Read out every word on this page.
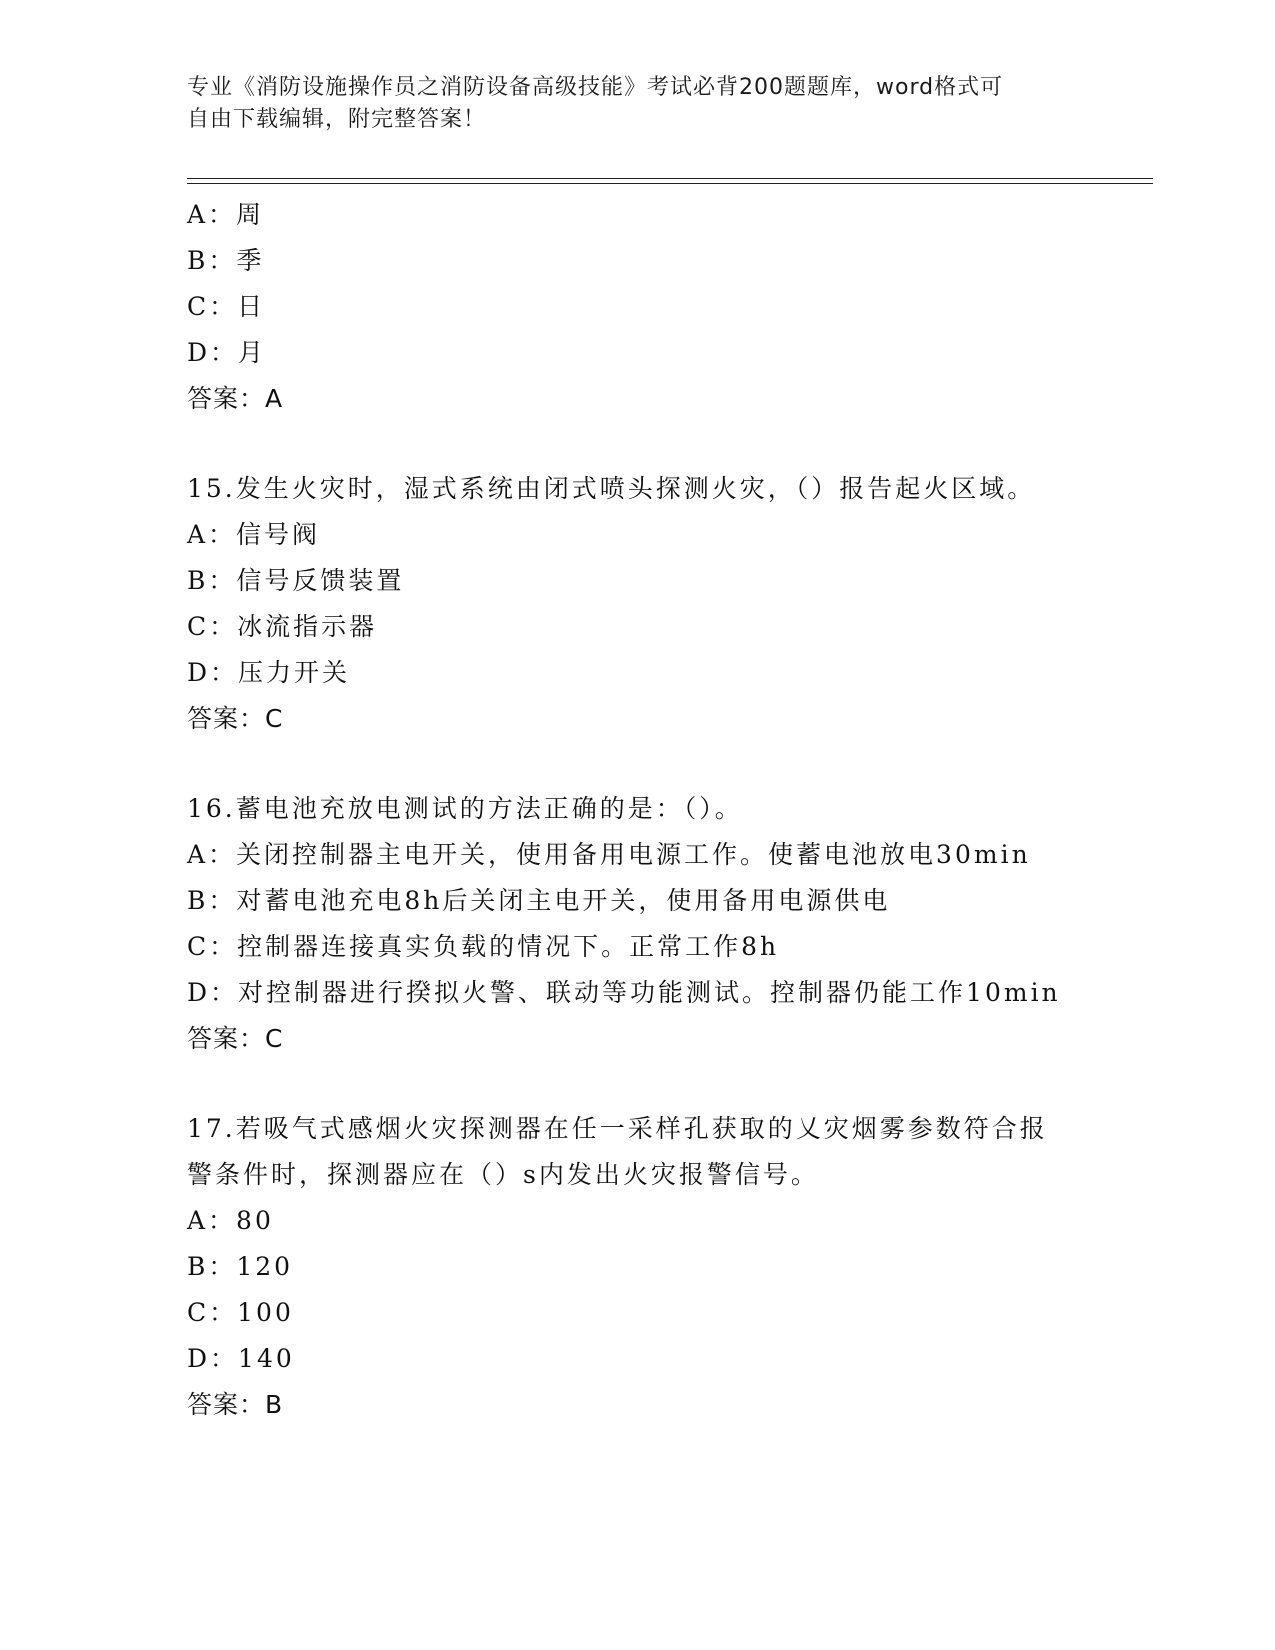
专业《消防设施操作员之消防设备高级技能》考试必背200题题库，word格式可
自由下载编辑，附完整答案！
A：周
B：季
C：日
D：月
答案：A
15.发生火灾时，湿式系统由闭式喷头探测火灾，（）报告起火区域。
A：信号阀
B：信号反馈装置
C：冰流指示器
D：压力开关
答案：C
16.蓄电池充放电测试的方法正确的是：（）。
A：关闭控制器主电开关，使用备用电源工作。使蓄电池放电30min
B：对蓄电池充电8h后关闭主电开关，使用备用电源供电
C：控制器连接真实负载的情况下。正常工作8h
D：对控制器进行揆拟火警、联动等功能测试。控制器仍能工作10min
答案：C
17.若吸气式感烟火灾探测器在任一采样孔获取的乂灾烟雾参数符合报
警条件时，探测器应在（）s内发出火灾报警信号。
A：80
B：120
C：100
D：140
答案：B
